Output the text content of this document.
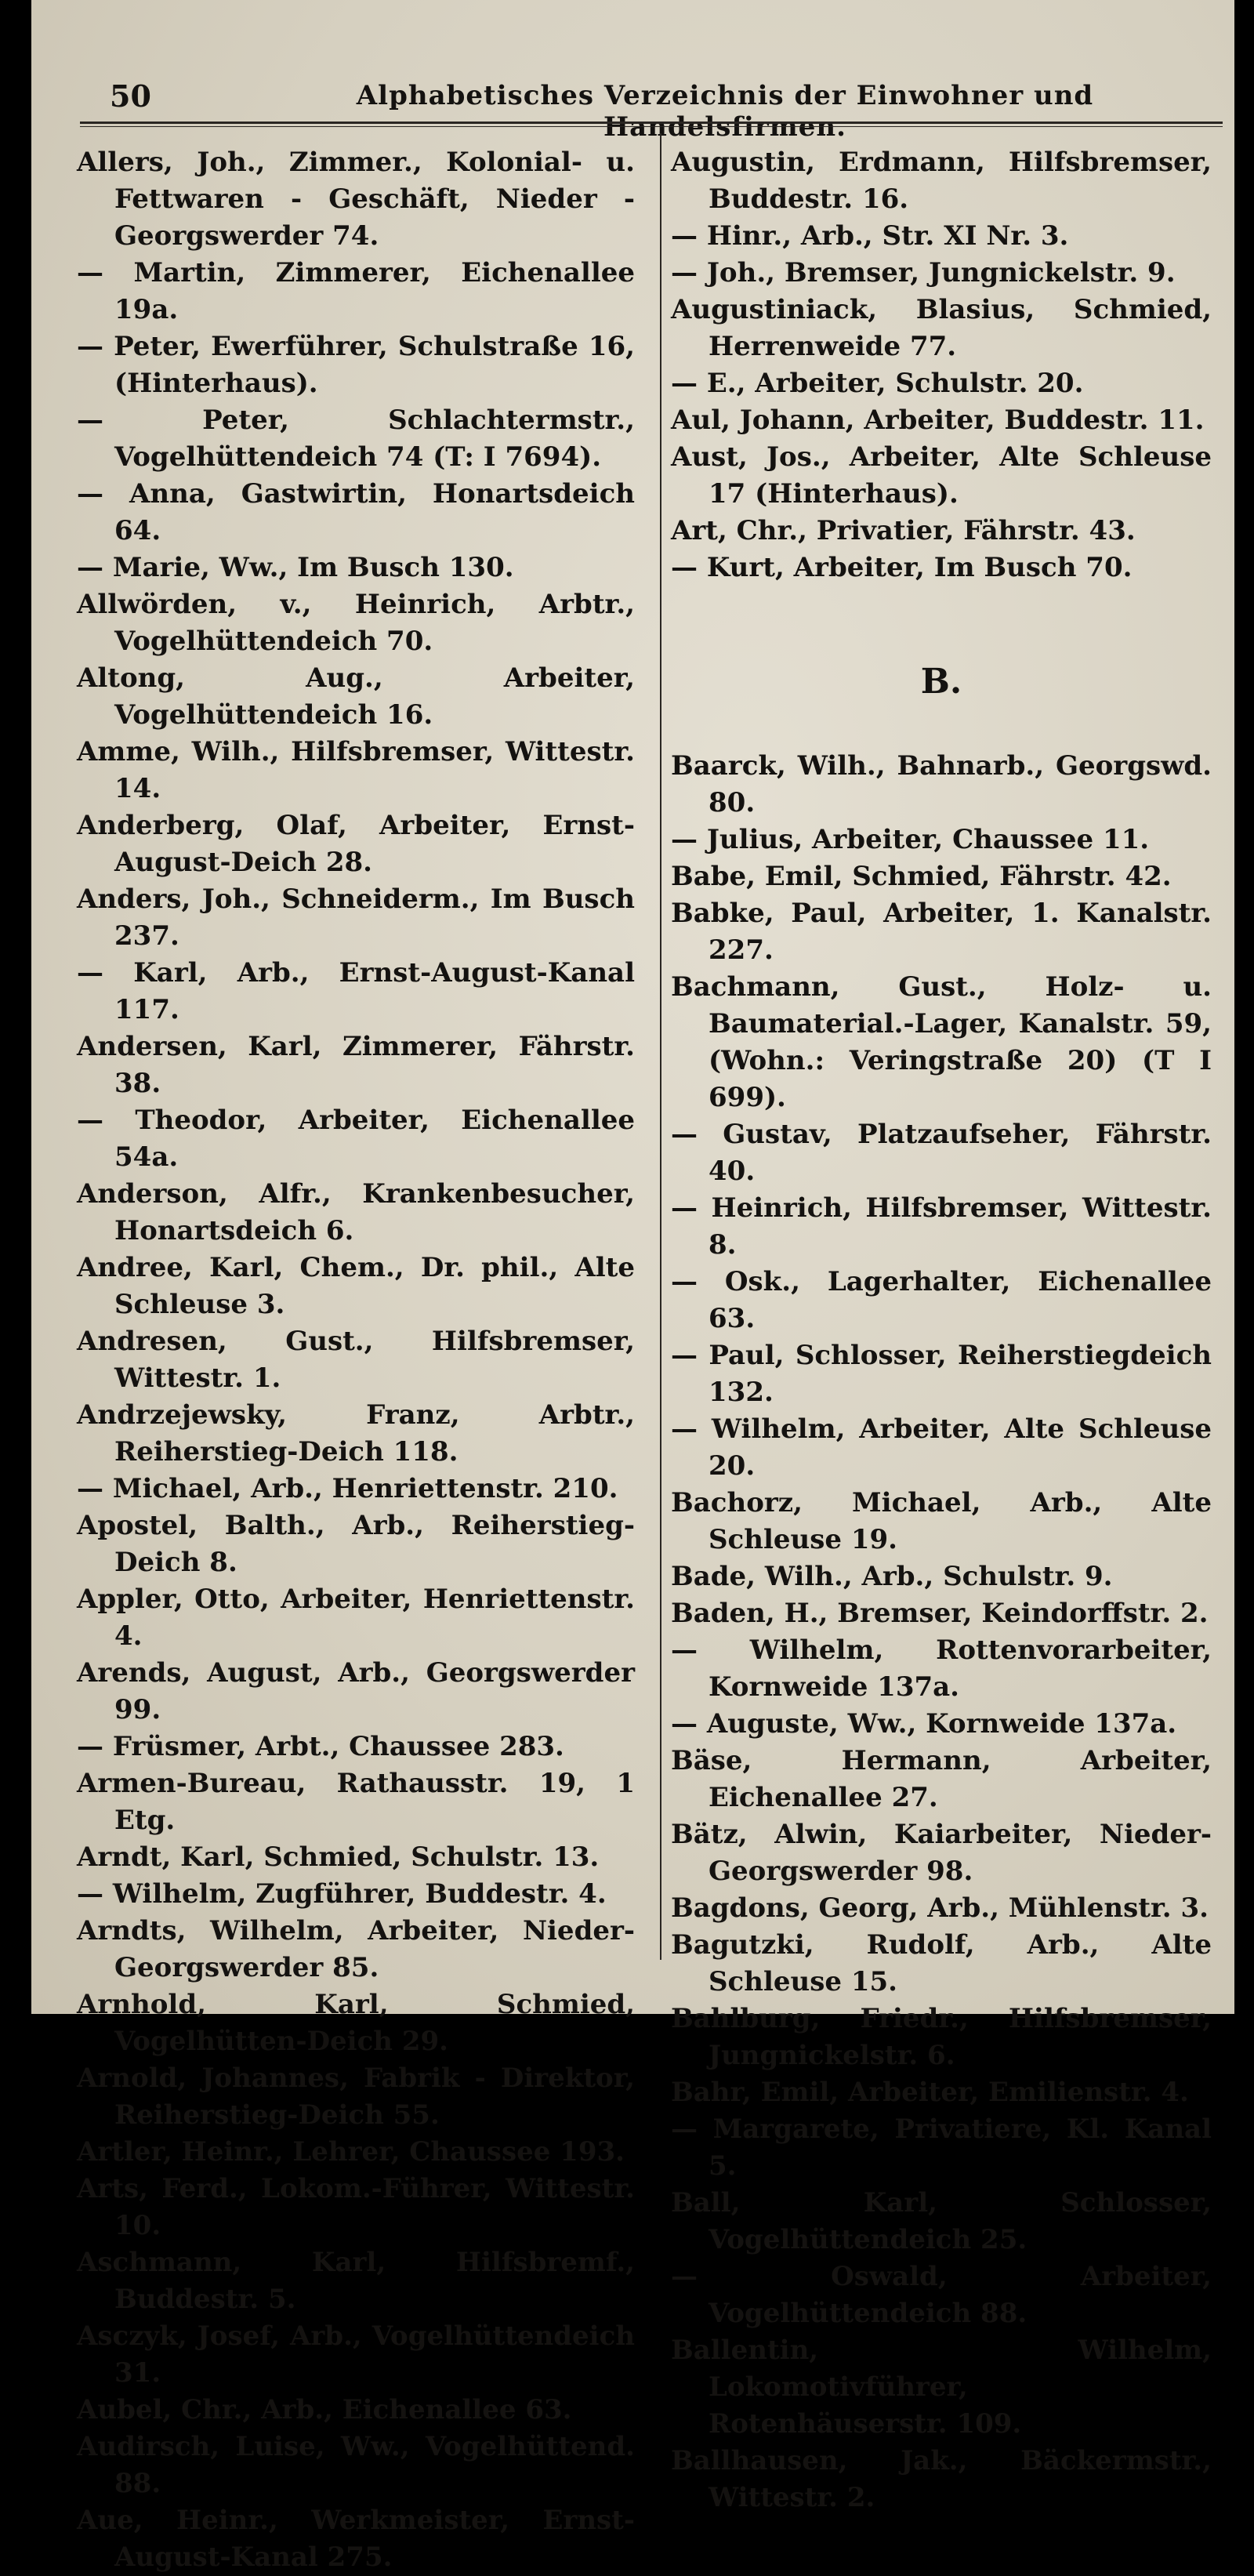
50	Alphabetisches Verzeichnis der Einwohner und Handelsfirmen.
Allers, Joh., Zimmer., Kolonial- u. Fettwaren - Geschäft, Nieder - Georgswerder 74.
— Martin, Zimmerer, Eichenallee 19a.
— Peter, Ewerführer, Schulstraße 16, (Hinterhaus).
— Peter, Schlachtermstr., Vogelhüttendeich 74 (T: I 7694).
— Anna, Gastwirtin, Honartsdeich 64.
— Marie, Ww., Im Busch 130.
Allwörden, v., Heinrich, Arbtr., Vogelhüttendeich 70.
Altong, Aug., Arbeiter, Vogelhüttendeich 16.
Amme, Wilh., Hilfsbremser, Wittestr. 14.
Anderberg, Olaf, Arbeiter, Ernst-August-Deich 28.
Anders, Joh., Schneiderm., Im Busch 237.
— Karl, Arb., Ernst-August-Kanal 117.
Andersen, Karl, Zimmerer, Fährstr. 38.
— Theodor, Arbeiter, Eichenallee 54a.
Anderson, Alfr., Krankenbesucher, Honartsdeich 6.
Andree, Karl, Chem., Dr. phil., Alte Schleuse 3.
Andresen, Gust., Hilfsbremser, Wittestr. 1.
Andrzejewsky, Franz, Arbtr., Reiherstieg-Deich 118.
— Michael, Arb., Henriettenstr. 210.
Apostel, Balth., Arb., Reiherstieg-Deich 8.
Appler, Otto, Arbeiter, Henriettenstr. 4.
Arends, August, Arb., Georgswerder 99.
— Früsmer, Arbt., Chaussee 283.
Armen-Bureau, Rathausstr. 19, 1 Etg.
Arndt, Karl, Schmied, Schulstr. 13.
— Wilhelm, Zugführer, Buddestr. 4.
Arndts, Wilhelm, Arbeiter, Nieder-Georgswerder 85.
Arnhold, Karl, Schmied, Vogelhütten-Deich 29.
Arnold, Johannes, Fabrik - Direktor, Reiherstieg-Deich 55.
Artler, Heinr., Lehrer, Chaussee 193.
Arts, Ferd., Lokom.-Führer, Wittestr. 10.
Aschmann, Karl, Hilfsbremf., Buddestr. 5.
Asczyk, Josef, Arb., Vogelhüttendeich 31.
Aubel, Chr., Arb., Eichenallee 63.
Audirsch, Luise, Ww., Vogelhüttend. 88.
Aue, Heinr., Werkmeister, Ernst-August-Kanal 275.
Augustin, Erdmann, Hilfsbremser, Buddestr. 16.
— Hinr., Arb., Str. XI Nr. 3.
— Joh., Bremser, Jungnickelstr. 9.
Augustiniack, Blasius, Schmied, Herrenweide 77.
— E., Arbeiter, Schulstr. 20.
Aul, Johann, Arbeiter, Buddestr. 11.
Aust, Jos., Arbeiter, Alte Schleuse 17 (Hinterhaus).
Art, Chr., Privatier, Fährstr. 43.
— Kurt, Arbeiter, Im Busch 70.
B.
Baarck, Wilh., Bahnarb., Georgswd. 80.
— Julius, Arbeiter, Chaussee 11.
Babe, Emil, Schmied, Fährstr. 42.
Babke, Paul, Arbeiter, 1. Kanalstr. 227.
Bachmann, Gust., Holz- u. Baumaterial.-Lager, Kanalstr. 59, (Wohn.: Veringstraße 20) (T I 699).
— Gustav, Platzaufseher, Fährstr. 40.
— Heinrich, Hilfsbremser, Wittestr. 8.
— Osk., Lagerhalter, Eichenallee 63.
— Paul, Schlosser, Reiherstiegdeich 132.
— Wilhelm, Arbeiter, Alte Schleuse 20.
Bachorz, Michael, Arb., Alte Schleuse 19.
Bade, Wilh., Arb., Schulstr. 9.
Baden, H., Bremser, Keindorffstr. 2.
— Wilhelm, Rottenvorarbeiter, Kornweide 137a.
— Auguste, Ww., Kornweide 137a.
Bäse, Hermann, Arbeiter, Eichenallee 27.
Bätz, Alwin, Kaiarbeiter, Nieder-Georgswerder 98.
Bagdons, Georg, Arb., Mühlenstr. 3.
Bagutzki, Rudolf, Arb., Alte Schleuse 15.
Bahlburg, Friedr., Hilfsbremser, Jungnickelstr. 6.
Bahr, Emil, Arbeiter, Emilienstr. 4.
— Margarete, Privatiere, Kl. Kanal 5.
Ball, Karl, Schlosser, Vogelhüttendeich 25.
— Oswald, Arbeiter, Vogelhüttendeich 88.
Ballentin, Wilhelm, Lokomotivführer, Rotenhäuserstr. 109.
Ballhausen, Jak., Bäckermstr., Wittestr. 2.
